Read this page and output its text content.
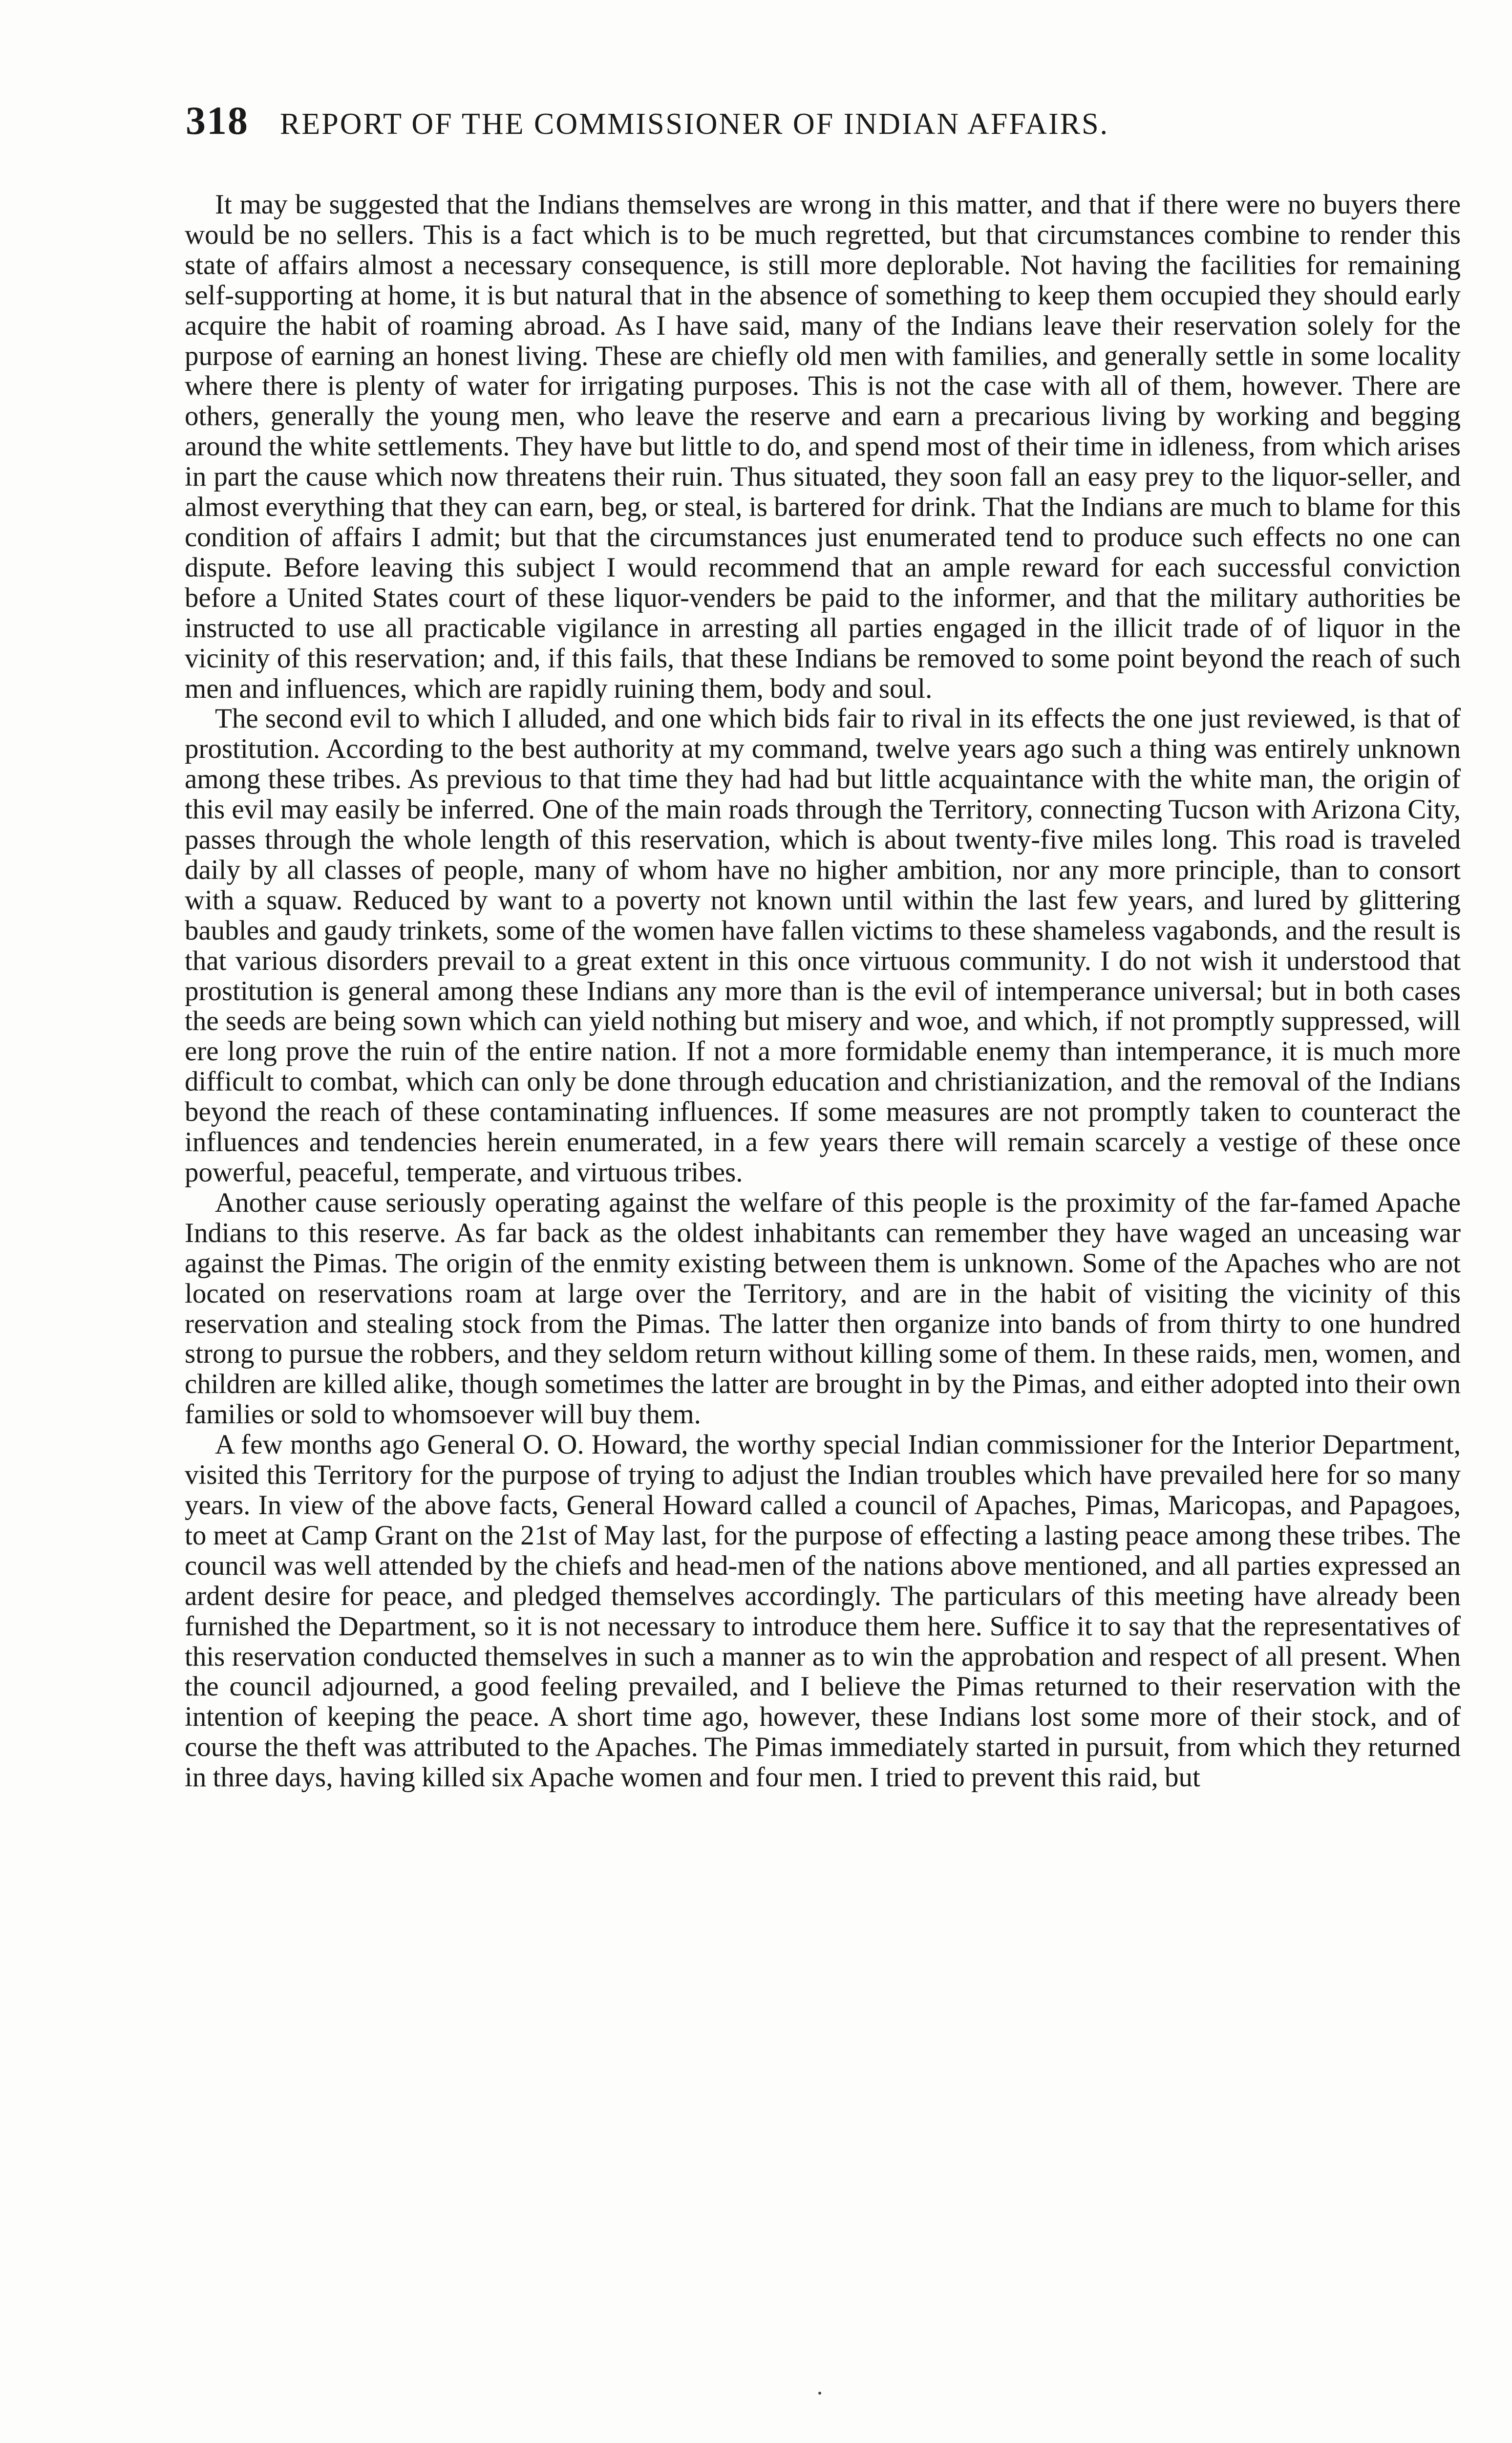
318 REPORT OF THE COMMISSIONER OF INDIAN AFFAIRS.

It may be suggested that the Indians themselves are wrong in this matter, and that if there were no buyers there would be no sellers. This is a fact which is to be much regretted, but that circumstances combine to render this state of affairs almost a necessary consequence, is still more deplorable. Not having the facilities for remaining self-supporting at home, it is but natural that in the absence of something to keep them occupied they should early acquire the habit of roaming abroad. As I have said, many of the Indians leave their reservation solely for the purpose of earning an honest living. These are chiefly old men with families, and generally settle in some locality where there is plenty of water for irrigating purposes. This is not the case with all of them, however. There are others, generally the young men, who leave the reserve and earn a precarious living by working and begging around the white settlements. They have but little to do, and spend most of their time in idleness, from which arises in part the cause which now threatens their ruin. Thus situated, they soon fall an easy prey to the liquor-seller, and almost everything that they can earn, beg, or steal, is bartered for drink. That the Indians are much to blame for this condition of affairs I admit; but that the circumstances just enumerated tend to produce such effects no one can dispute. Before leaving this subject I would recommend that an ample reward for each successful conviction before a United States court of these liquor-venders be paid to the informer, and that the military authorities be instructed to use all practicable vigilance in arresting all parties engaged in the illicit trade of of liquor in the vicinity of this reservation; and, if this fails, that these Indians be removed to some point beyond the reach of such men and influences, which are rapidly ruining them, body and soul.

The second evil to which I alluded, and one which bids fair to rival in its effects the one just reviewed, is that of prostitution. According to the best authority at my command, twelve years ago such a thing was entirely unknown among these tribes. As previous to that time they had had but little acquaintance with the white man, the origin of this evil may easily be inferred. One of the main roads through the Territory, connecting Tucson with Arizona City, passes through the whole length of this reservation, which is about twenty-five miles long. This road is traveled daily by all classes of people, many of whom have no higher ambition, nor any more principle, than to consort with a squaw. Reduced by want to a poverty not known until within the last few years, and lured by glittering baubles and gaudy trinkets, some of the women have fallen victims to these shameless vagabonds, and the result is that various disorders prevail to a great extent in this once virtuous community. I do not wish it understood that prostitution is general among these Indians any more than is the evil of intemperance universal; but in both cases the seeds are being sown which can yield nothing but misery and woe, and which, if not promptly suppressed, will ere long prove the ruin of the entire nation. If not a more formidable enemy than intemperance, it is much more difficult to combat, which can only be done through education and christianization, and the removal of the Indians beyond the reach of these contaminating influences. If some measures are not promptly taken to counteract the influences and tendencies herein enumerated, in a few years there will remain scarcely a vestige of these once powerful, peaceful, temperate, and virtuous tribes.

Another cause seriously operating against the welfare of this people is the proximity of the far-famed Apache Indians to this reserve. As far back as the oldest inhabitants can remember they have waged an unceasing war against the Pimas. The origin of the enmity existing between them is unknown. Some of the Apaches who are not located on reservations roam at large over the Territory, and are in the habit of visiting the vicinity of this reservation and stealing stock from the Pimas. The latter then organize into bands of from thirty to one hundred strong to pursue the robbers, and they seldom return without killing some of them. In these raids, men, women, and children are killed alike, though sometimes the latter are brought in by the Pimas, and either adopted into their own families or sold to whomsoever will buy them.

A few months ago General O. O. Howard, the worthy special Indian commissioner for the Interior Department, visited this Territory for the purpose of trying to adjust the Indian troubles which have prevailed here for so many years. In view of the above facts, General Howard called a council of Apaches, Pimas, Maricopas, and Papagoes, to meet at Camp Grant on the 21st of May last, for the purpose of effecting a lasting peace among these tribes. The council was well attended by the chiefs and head-men of the nations above mentioned, and all parties expressed an ardent desire for peace, and pledged themselves accordingly. The particulars of this meeting have already been furnished the Department, so it is not necessary to introduce them here. Suffice it to say that the representatives of this reservation conducted themselves in such a manner as to win the approbation and respect of all present. When the council adjourned, a good feeling prevailed, and I believe the Pimas returned to their reservation with the intention of keeping the peace. A short time ago, however, these Indians lost some more of their stock, and of course the theft was attributed to the Apaches. The Pimas immediately started in pursuit, from which they returned in three days, having killed six Apache women and four men. I tried to prevent this raid, but
